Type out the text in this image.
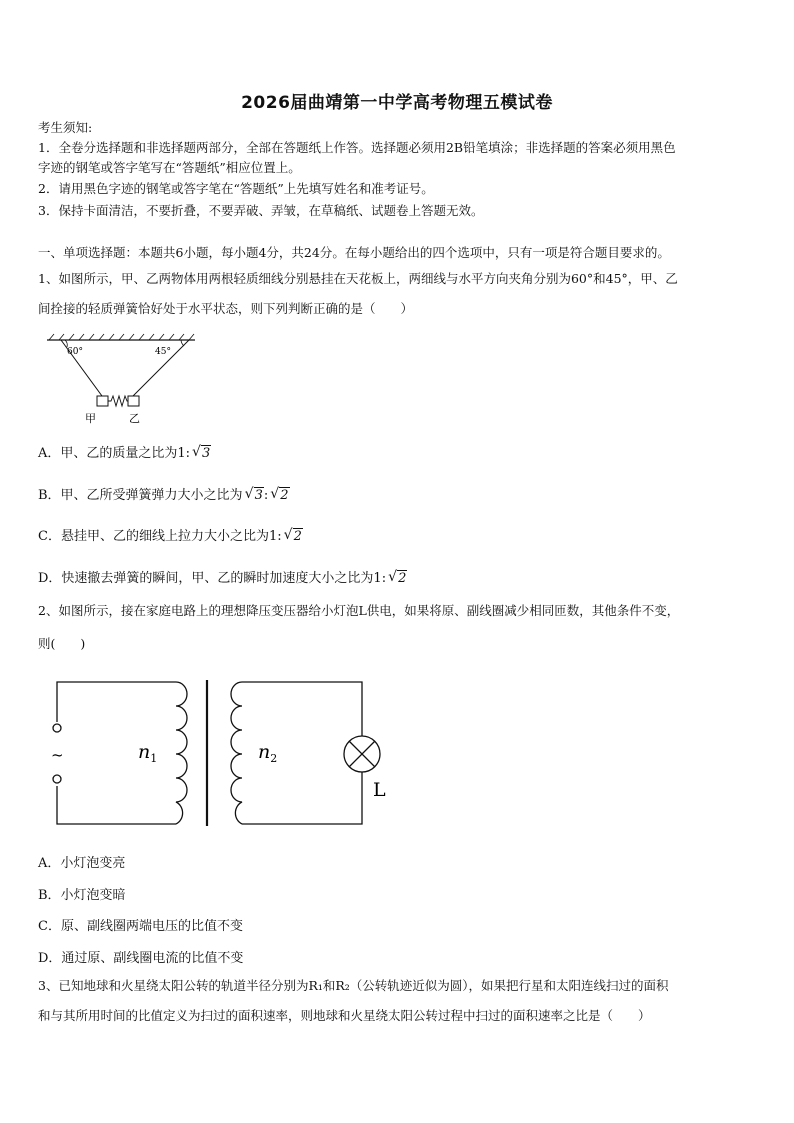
2026届曲靖第一中学高考物理五模试卷
考生须知:
1．全卷分选择题和非选择题两部分，全部在答题纸上作答。选择题必须用2B铅笔填涂；非选择题的答案必须用黑色
字迹的钢笔或答字笔写在“答题纸”相应位置上。
2．请用黑色字迹的钢笔或答字笔在“答题纸”上先填写姓名和准考证号。
3．保持卡面清洁，不要折叠，不要弄破、弄皱，在草稿纸、试题卷上答题无效。
一、单项选择题：本题共6小题，每小题4分，共24分。在每小题给出的四个选项中，只有一项是符合题目要求的。
1、如图所示，甲、乙两物体用两根轻质细线分别悬挂在天花板上，两细线与水平方向夹角分别为60°和45°，甲、乙
间拴接的轻质弹簧恰好处于水平状态，则下列判断正确的是（　　）
60°	45°
甲	乙
A．甲、乙的质量之比为1: √ 3
B．甲、乙所受弹簧弹力大小之比为 √ 3: √ 2
C．悬挂甲、乙的细线上拉力大小之比为1: √ 2
D．快速撤去弹簧的瞬间，甲、乙的瞬时加速度大小之比为1: √ 2
2、如图所示，接在家庭电路上的理想降压变压器给小灯泡L供电，如果将原、副线圈减少相同匝数，其他条件不变，
则(　　)
~	$n_1$	$n_2$
L
A．小灯泡变亮
B．小灯泡变暗
C．原、副线圈两端电压的比值不变
D．通过原、副线圈电流的比值不变
3、已知地球和火星绕太阳公转的轨道半径分别为R₁和R₂（公转轨迹近似为圆），如果把行星和太阳连线扫过的面积
和与其所用时间的比值定义为扫过的面积速率，则地球和火星绕太阳公转过程中扫过的面积速率之比是（　　）
